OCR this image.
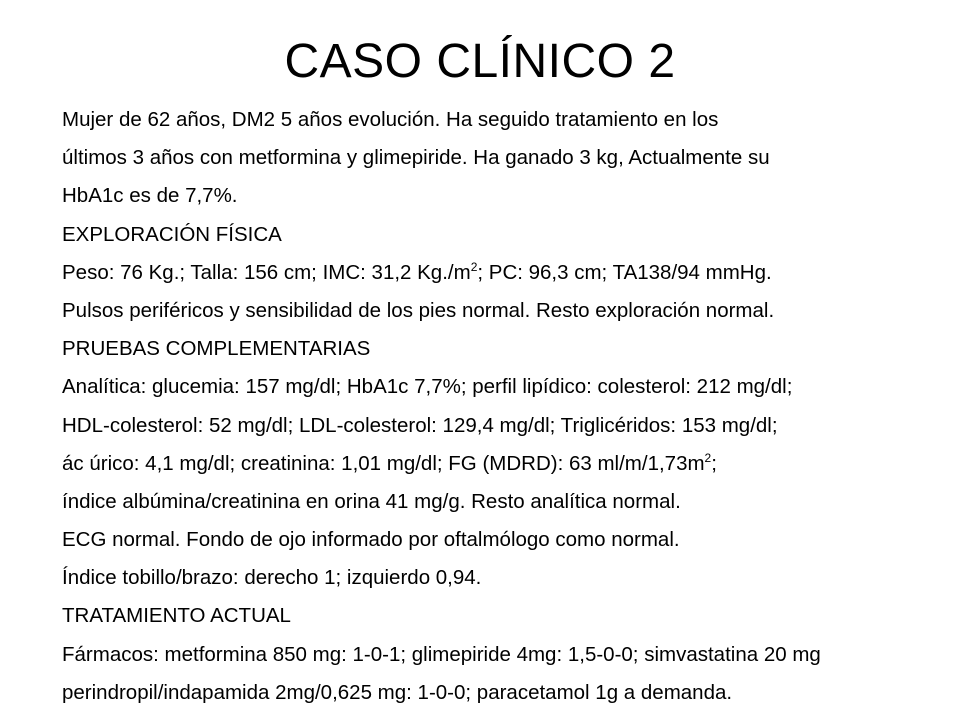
CASO CLÍNICO 2
Mujer de 62 años, DM2 5 años evolución. Ha seguido tratamiento en los
últimos 3 años con metformina y glimepiride. Ha ganado 3 kg, Actualmente su
HbA1c es de 7,7%.
EXPLORACIÓN FÍSICA
Peso: 76 Kg.; Talla: 156 cm; IMC: 31,2 $Kg./m^2$; PC: 96,3 cm; TA138/94 mmHg.
Pulsos periféricos y sensibilidad de los pies normal. Resto exploración normal.
PRUEBAS COMPLEMENTARIAS
Analítica: glucemia: 157 mg/dl; HbA1c 7,7%; perfil lipídico: colesterol: 212 mg/dl;
HDL-colesterol: 52 mg/dl; LDL-colesterol: 129,4 mg/dl; Triglicéridos: 153 mg/dl;
ác úrico: 4,1 mg/dl; creatinina: 1,01 mg/dl; FG (MDRD): 63 $ml/m/1,73m^2$;
índice albúmina/creatinina en orina 41 mg/g. Resto analítica normal.
ECG normal. Fondo de ojo informado por oftalmólogo como normal.
Índice tobillo/brazo: derecho 1; izquierdo 0,94.
TRATAMIENTO ACTUAL
Fármacos: metformina 850 mg: 1-0-1; glimepiride 4mg: 1,5-0-0; simvastatina 20 mg
perindropil/indapamida 2mg/0,625 mg: 1-0-0; paracetamol 1g a demanda.
